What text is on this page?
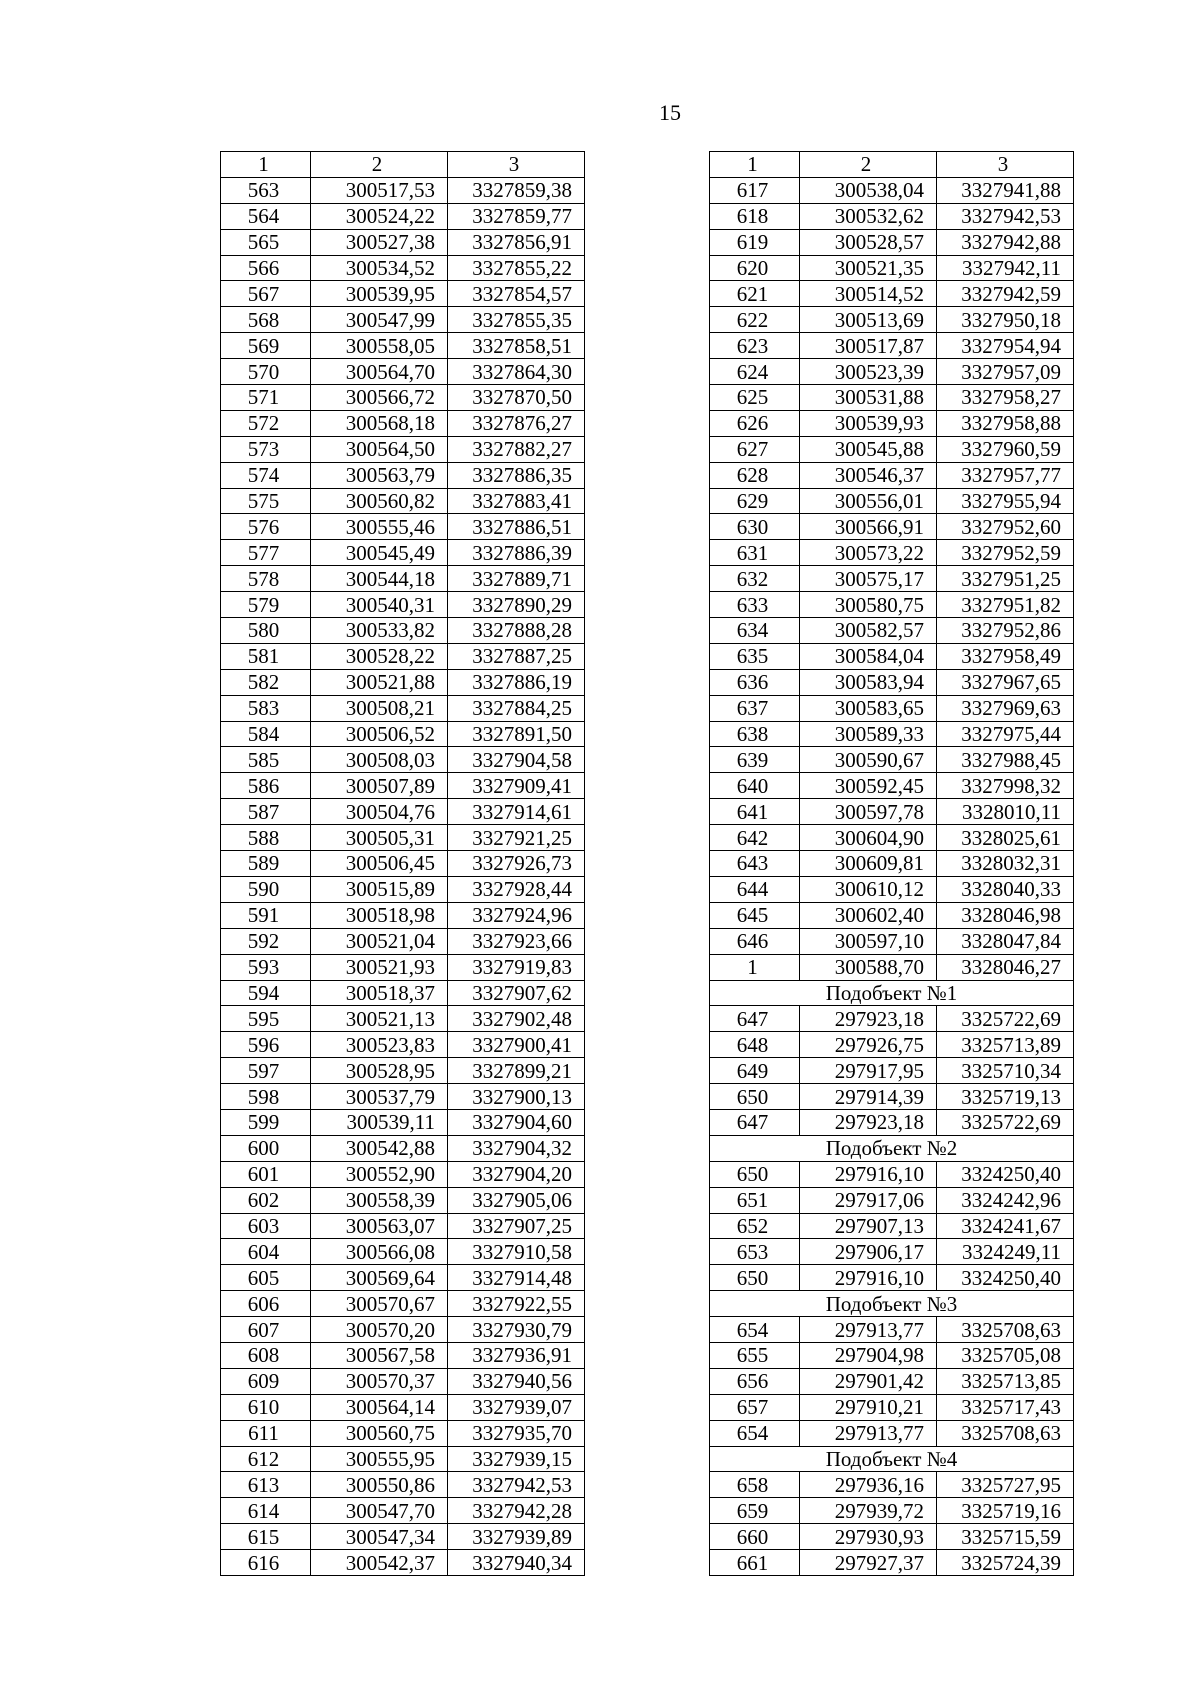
15
1	2	3
563	300517,53	3327859,38
564	300524,22	3327859,77
565	300527,38	3327856,91
566	300534,52	3327855,22
567	300539,95	3327854,57
568	300547,99	3327855,35
569	300558,05	3327858,51
570	300564,70	3327864,30
571	300566,72	3327870,50
572	300568,18	3327876,27
573	300564,50	3327882,27
574	300563,79	3327886,35
575	300560,82	3327883,41
576	300555,46	3327886,51
577	300545,49	3327886,39
578	300544,18	3327889,71
579	300540,31	3327890,29
580	300533,82	3327888,28
581	300528,22	3327887,25
582	300521,88	3327886,19
583	300508,21	3327884,25
584	300506,52	3327891,50
585	300508,03	3327904,58
586	300507,89	3327909,41
587	300504,76	3327914,61
588	300505,31	3327921,25
589	300506,45	3327926,73
590	300515,89	3327928,44
591	300518,98	3327924,96
592	300521,04	3327923,66
593	300521,93	3327919,83
594	300518,37	3327907,62
595	300521,13	3327902,48
596	300523,83	3327900,41
597	300528,95	3327899,21
598	300537,79	3327900,13
599	300539,11	3327904,60
600	300542,88	3327904,32
601	300552,90	3327904,20
602	300558,39	3327905,06
603	300563,07	3327907,25
604	300566,08	3327910,58
605	300569,64	3327914,48
606	300570,67	3327922,55
607	300570,20	3327930,79
608	300567,58	3327936,91
609	300570,37	3327940,56
610	300564,14	3327939,07
611	300560,75	3327935,70
612	300555,95	3327939,15
613	300550,86	3327942,53
614	300547,70	3327942,28
615	300547,34	3327939,89
616	300542,37	3327940,34
1	2	3
617	300538,04	3327941,88
618	300532,62	3327942,53
619	300528,57	3327942,88
620	300521,35	3327942,11
621	300514,52	3327942,59
622	300513,69	3327950,18
623	300517,87	3327954,94
624	300523,39	3327957,09
625	300531,88	3327958,27
626	300539,93	3327958,88
627	300545,88	3327960,59
628	300546,37	3327957,77
629	300556,01	3327955,94
630	300566,91	3327952,60
631	300573,22	3327952,59
632	300575,17	3327951,25
633	300580,75	3327951,82
634	300582,57	3327952,86
635	300584,04	3327958,49
636	300583,94	3327967,65
637	300583,65	3327969,63
638	300589,33	3327975,44
639	300590,67	3327988,45
640	300592,45	3327998,32
641	300597,78	3328010,11
642	300604,90	3328025,61
643	300609,81	3328032,31
644	300610,12	3328040,33
645	300602,40	3328046,98
646	300597,10	3328047,84
1	300588,70	3328046,27
Подобъект №1		
647	297923,18	3325722,69
648	297926,75	3325713,89
649	297917,95	3325710,34
650	297914,39	3325719,13
647	297923,18	3325722,69
Подобъект №2		
650	297916,10	3324250,40
651	297917,06	3324242,96
652	297907,13	3324241,67
653	297906,17	3324249,11
650	297916,10	3324250,40
Подобъект №3		
654	297913,77	3325708,63
655	297904,98	3325705,08
656	297901,42	3325713,85
657	297910,21	3325717,43
654	297913,77	3325708,63
Подобъект №4		
658	297936,16	3325727,95
659	297939,72	3325719,16
660	297930,93	3325715,59
661	297927,37	3325724,39
